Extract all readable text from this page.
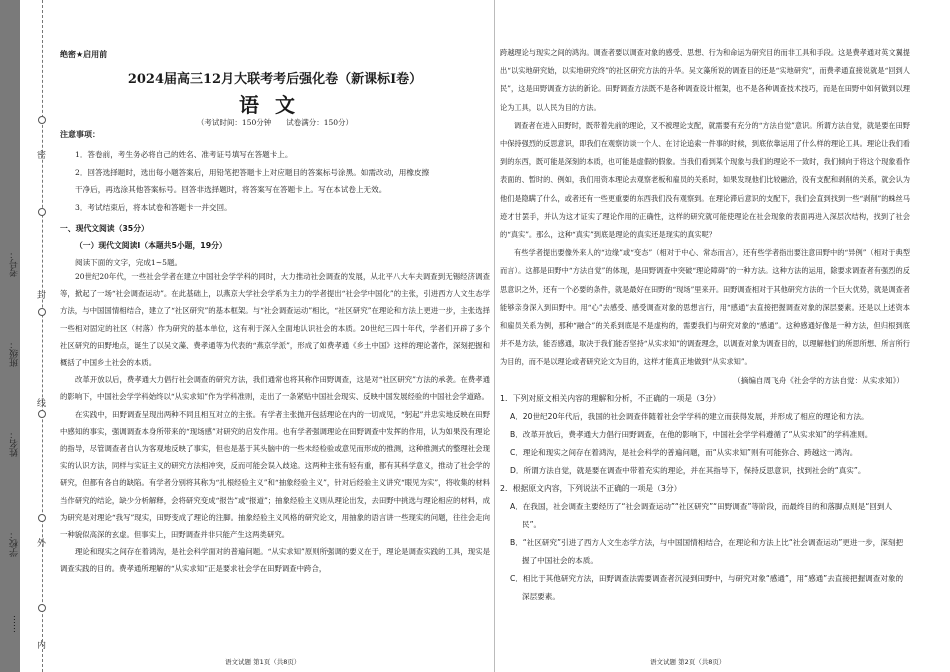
密
封
线
外
内
考号：
班级：
姓名：
学校：
……
绝密★启用前
2024届高三12月大联考考后强化卷（新课标I卷）
语文
（考试时间：150分钟　　试卷满分：150分）
注意事项：
1．答卷前，考生务必将自己的姓名、准考证号填写在答题卡上。
2．回答选择题时，选出每小题答案后，用铅笔把答题卡上对应题目的答案标号涂黑。如需改动，用橡皮擦
干净后，再选涂其他答案标号。回答非选择题时，将答案写在答题卡上。写在本试卷上无效。
3．考试结束后，将本试卷和答题卡一并交回。
一、现代文阅读（35分）
（一）现代文阅读Ⅰ（本题共5小题，19分）
阅读下面的文字，完成1~5题。

20世纪20年代，一些社会学者在建立中国社会学学科的同时，大力推动社会调查的发展，从北平八大车夫调查到无锡经济调查等，掀起了一场“社会调查运动”。在此基础上，以燕京大学社会学系为主力的学者提出“社会学中国化”的主张，引进西方人文生态学方法，与中国国情相结合，建立了“社区研究”的基本框架。与“社会调查运动”相比，“社区研究”在理论和方法上更进一步，主张选择一些相对固定的社区（村落）作为研究的基本单位，这有利于深入全面地认识社会的本质。20世纪三四十年代，学者们开辟了多个社区研究的田野地点，诞生了以吴文藻、费孝通等为代表的“燕京学派”，形成了如费孝通《乡土中国》这样的理论著作，深刻把握和概括了中国乡土社会的本质。

改革开放以后，费孝通大力倡行社会调查的研究方法，我们通常也将其称作田野调查，这是对“社区研究”方法的承袭。在费孝通的影响下，中国社会学学科始终以“从实求知”作为学科准则，走出了一条紧贴中国社会现实、反映中国发展经验的中国社会学道路。

在实践中，田野调查呈现出两种不同且相互对立的主张。有学者主张抛开包括理论在内的一切成见，“躬起”并忠实地反映在田野中感知的事实，强调调查本身所带来的“现场感”对研究的启发作用。也有学者强调理论在田野调查中发挥的作用，认为如果没有理论的指导，尽管调查者自认为客观地反映了事实，但也是基于其头脑中的一些未经检验或意见而形成的推测，这种推测式的整理社会现实的认识方法，同样与实证主义的研究方法相冲突，反而可能会误入歧途。这两种主张有轻有重，都有其科学意义，推动了社会学的研究，但都有各自的缺陷。有学者分别将其称为“扎根经验主义”和“抽象经验主义”，针对后经验主义讲究“眼见为实”，将收集的材料当作研究的结论，缺少分析解释，会将研究变成“报告”或“报道”；抽象经验主义则从理论出发，去田野中挑选与理论相应的材料，成为研究是对理论“我写”现实，田野变成了理论的注脚。抽象经验主义风格的研究论文，用抽象的语言讲一些现实的问题，往往会走向一种貌似高深的玄虚。但事实上，田野调查并非只能产生这两类研究。

理论和现实之间存在着鸿沟，是社会科学面对的普遍问题。“从实求知”原则所强调的要义在于，理论是调查实践的工具，现实是调查实践的目的。费孝通所理解的“从实求知”正是要求社会学在田野调查中跨合，

语文试题 第1页（共8页）

跨越理论与现实之间的鸿沟。调查者要以调查对象的感受、思想、行为和命运为研究目的而非工具和手段。这是费孝通对英文翼提出“以实地研究始，以实地研究终”的社区研究方法的升华。吴文藻所说的调查目的还是“实地研究”，而费孝通直接说就是“回到人民”，这是田野调查方法的新论。田野调查方法既不是各种调查设计框架，也不是各种调查技术技巧，而是在田野中如何做到以理论为工具，以人民为目的方法。

调查者在进入田野时，既带着先前的理论，又不被理论支配，就需要有充分的“方法自觉”意识。所谓方法自觉，就是要在田野中保持强烈的反思意识，即我们在观察访谈一个人、在讨论追索一件事的时候，到底依靠运用了什么样的理论工具。理论让我们看到的东西，既可能是深刻的本质，也可能是虚假的假象。当我们看到某个现象与我们的理论不一致时，我们倾向于将这个现象看作表面的、暂时的、例如，我们用资本理论去观察老板和雇员的关系时，如果发现他们比较融洽，没有支配和剥削的关系，就会认为他们是隐瞒了什么，或者还有一些更重要的东西我们没有观察到。在理论滞后意识的支配下，我们会直到找到一些“剥削”的蛛丝马迹才甘罢手，并认为这才证实了理论作用的正确性，这样的研究就可能使理论在社会现象的表面再进入深层次结构，找到了社会的“真实”。那么，这种“真实”到底是理论的真实还是现实的真实呢？

有些学者提出要像外来人的“边缘”或“变态”（相对于中心、常态而言），还有些学者指出要注意田野中的“异例”（相对于典型而言）。这都是田野中“方法自觉”的体现，是田野调查中突破“理论障碍”的一种方法。这种方法的运用，除要求调查者有强烈的反思意识之外，还有一个必要的条件，就是最好在田野的“现场”里来开。田野调查相对于其他研究方法的一个巨大优势，就是调查者能够亲身深入到田野中。用“心”去感受、感受调查对象的思想言行，用“感通”去直接把握调查对象的深层要素。还是以上述资本和雇员关系为例，那种“融合”的关系到底是不是虚构的，需要我们与研究对象的“感通”。这种感通好像是一种方法，但归根到底并不是方法，能否感通，取决于我们能否坚持“从实求知”的调查理念，以调查对象为调查目的，以理解他们的所思所想、所言所行为目的，而不是以理论或者研究论文为目的，这样才能真正地做到“从实求知”。

（摘编自周飞舟《社会学的方法自觉：从实求知》）
1．下列对原文相关内容的理解和分析，不正确的一项是（3分）
A．20世纪20年代后，我国的社会调查伴随着社会学学科的建立而获得发展，并形成了相应的理论和方法。
B．改革开放后，费孝通大力倡行田野调查，在他的影响下，中国社会学学科遵循了“从实求知”的学科准则。
C．理论和现实之间存在着鸿沟，是社会科学的普遍问题，而“从实求知”则有可能弥合、跨越这一鸿沟。
D．所谓方法自觉，就是要在调查中带着充实的理论，并在其指导下，保持反思意识，找到社会的“真实”。
2．根据原文内容，下列说法不正确的一项是（3分）
A．在我国，社会调查主要经历了“社会调查运动”“社区研究”“田野调查”等阶段，而最终目的和落脚点则是“回到人民”。
B．“社区研究”引进了西方人文生态学方法，与中国国情相结合，在理论和方法上比“社会调查运动”更进一步，深刻把握了中国社会的本质。
C．相比于其他研究方法，田野调查法需要调查者沉浸到田野中，与研究对象“感通”，用“感通”去直接把握调查对象的深层要素。
语文试题 第2页（共8页）
